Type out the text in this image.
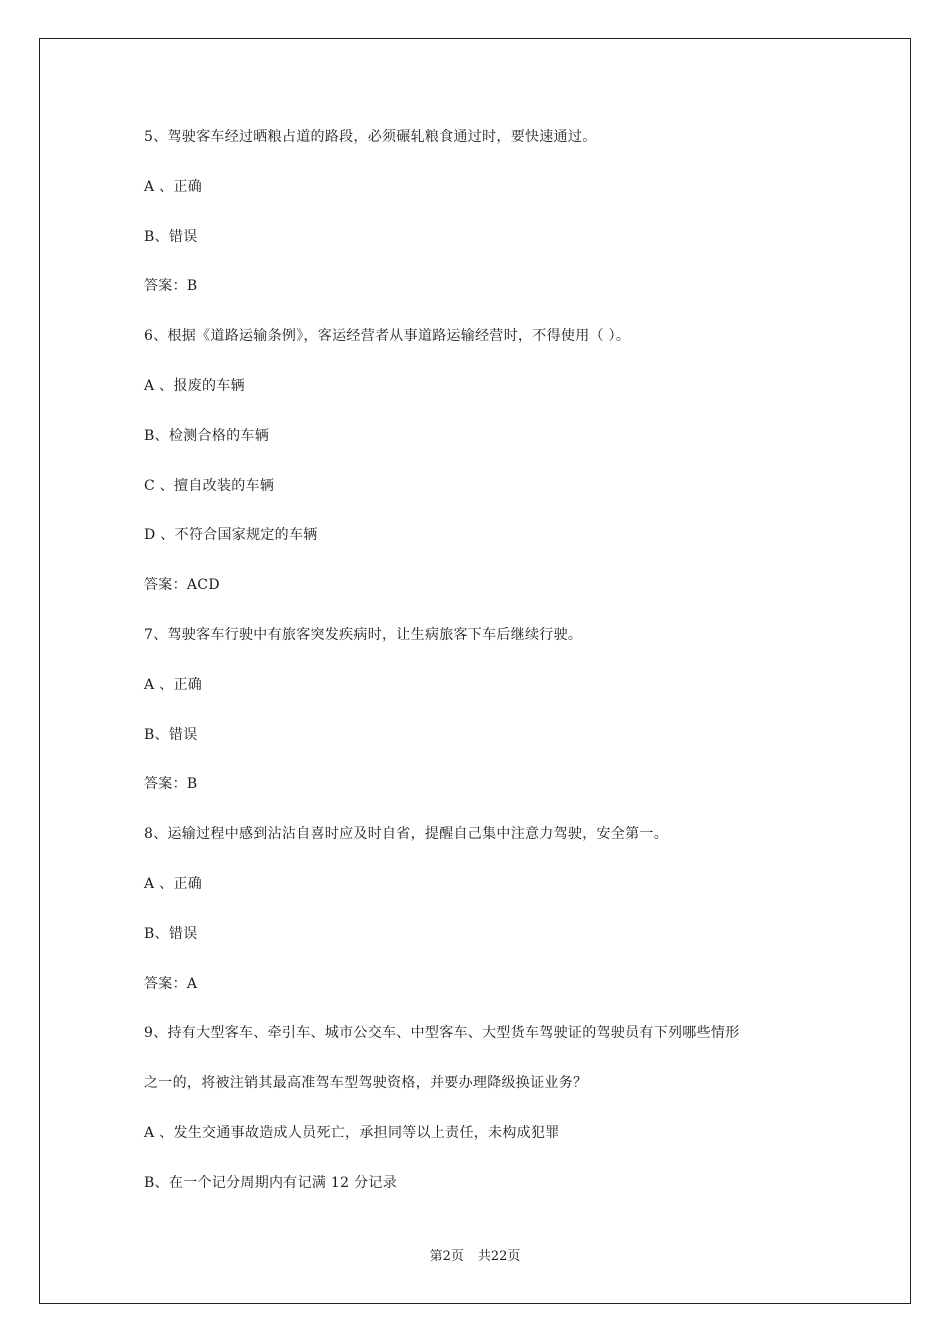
5、驾驶客车经过晒粮占道的路段，必须碾轧粮食通过时，要快速通过。
A 、正确
B、错误
答案：B
6、根据《道路运输条例》，客运经营者从事道路运输经营时，不得使用（ ）。
A 、报废的车辆
B、检测合格的车辆
C 、擅自改装的车辆
D 、不符合国家规定的车辆
答案：ACD
7、驾驶客车行驶中有旅客突发疾病时，让生病旅客下车后继续行驶。
A 、正确
B、错误
答案：B
8、运输过程中感到沾沾自喜时应及时自省，提醒自己集中注意力驾驶，安全第一。
A 、正确
B、错误
答案：A
9、持有大型客车、牵引车、城市公交车、中型客车、大型货车驾驶证的驾驶员有下列哪些情形
之一的，将被注销其最高准驾车型驾驶资格，并要办理降级换证业务？
A 、发生交通事故造成人员死亡，承担同等以上责任，未构成犯罪
B、在一个记分周期内有记满 12 分记录
第2页 共22页
